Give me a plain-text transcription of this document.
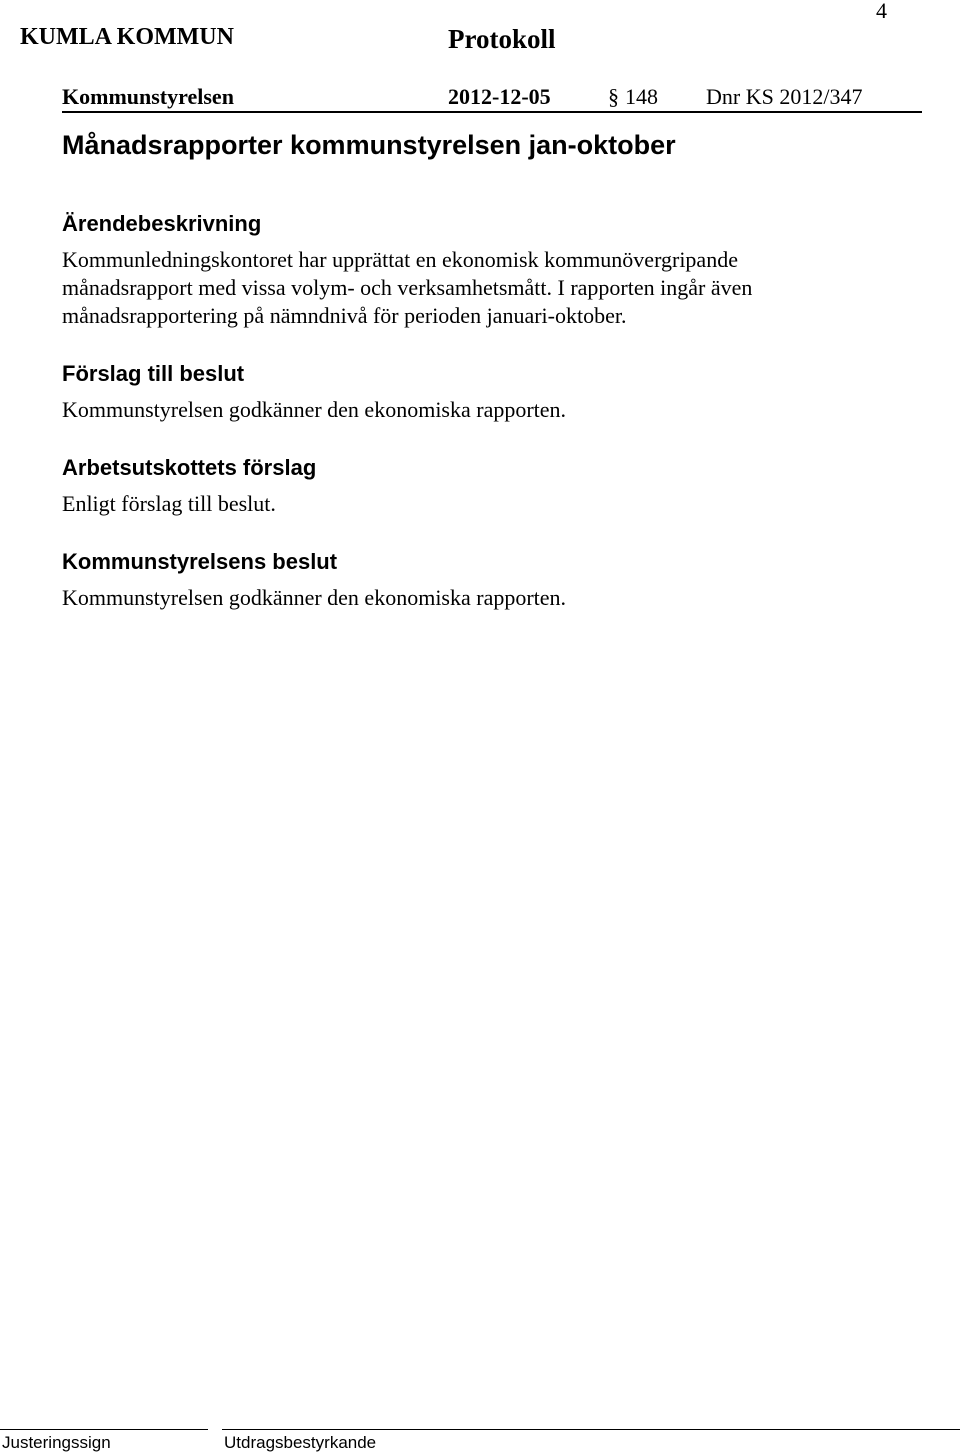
4
KUMLA KOMMUN	Protokoll
Kommunstyrelsen	2012-12-05	§ 148 Dnr KS 2012/347
Månadsrapporter kommunstyrelsen jan-oktober
Ärendebeskrivning
Kommunledningskontoret har upprättat en ekonomisk kommunövergripande
månadsrapport med vissa volym- och verksamhetsmått. I rapporten ingår även
månadsrapportering på nämndnivå för perioden januari-oktober.
Förslag till beslut
Kommunstyrelsen godkänner den ekonomiska rapporten.
Arbetsutskottets förslag
Enligt förslag till beslut.
Kommunstyrelsens beslut
Kommunstyrelsen godkänner den ekonomiska rapporten.
Justeringssign	Utdragsbestyrkande
